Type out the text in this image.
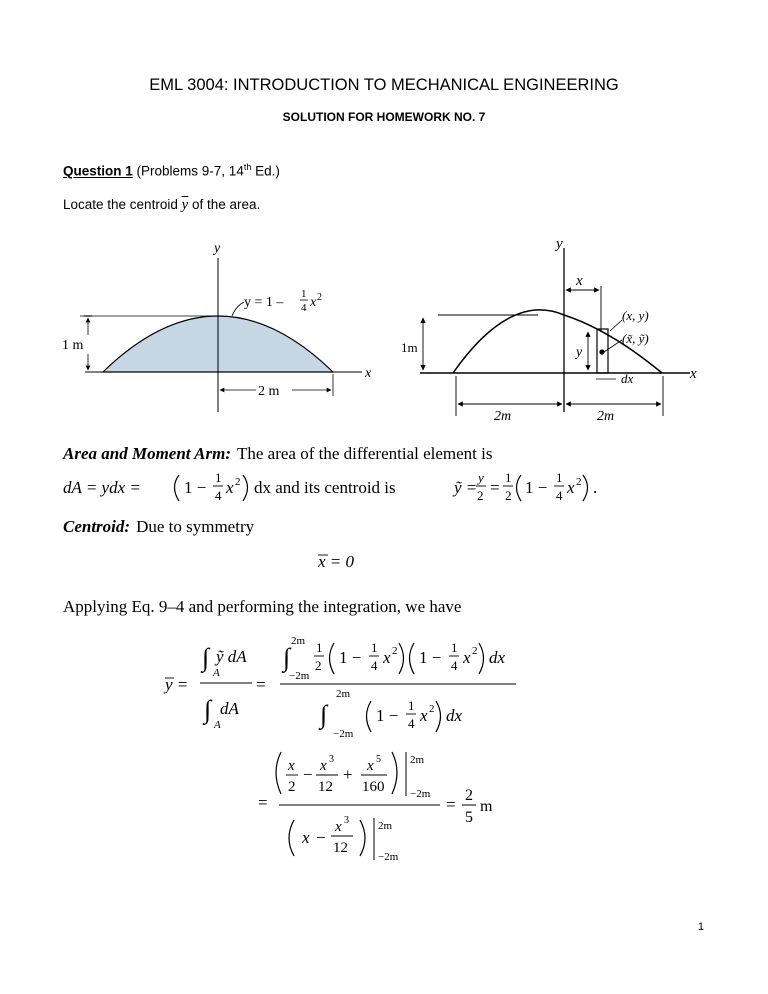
EML 3004: INTRODUCTION TO MECHANICAL ENGINEERING
SOLUTION FOR HOMEWORK NO. 7
Question 1 (Problems 9-7, 14th Ed.)
Locate the centroid $\overline{y}$ of the area.
y
x
1 m
2 m
y = 1 –
1
4 x 2
y
x
x
1m
(x, y)
(x̃, ỹ)
y
dx
2m	2m
Area and Moment Arm: The area of the differential element is
dA = ydx =	1 −
1
4 x 2 dx and its centroid is	ỹ =
y
2 =
1
2 1 −
1
4 x 2 .
Centroid: Due to symmetry
x = 0
Applying Eq. 9–4 and performing the integration, we have
y =
∫ ỹ dA
A
∫ dA
A
=
∫
2m
−2m
1
2 1 −
1
4 x 2 1 −
1
4 x 2 dx
∫
2m
−2m
1 −
1
4 x 2 dx
=
x
2
− x 3
12
+ x 5
160
2m
−2m
x −
x 3
12
2m
−2m
= 2
5
m
1
